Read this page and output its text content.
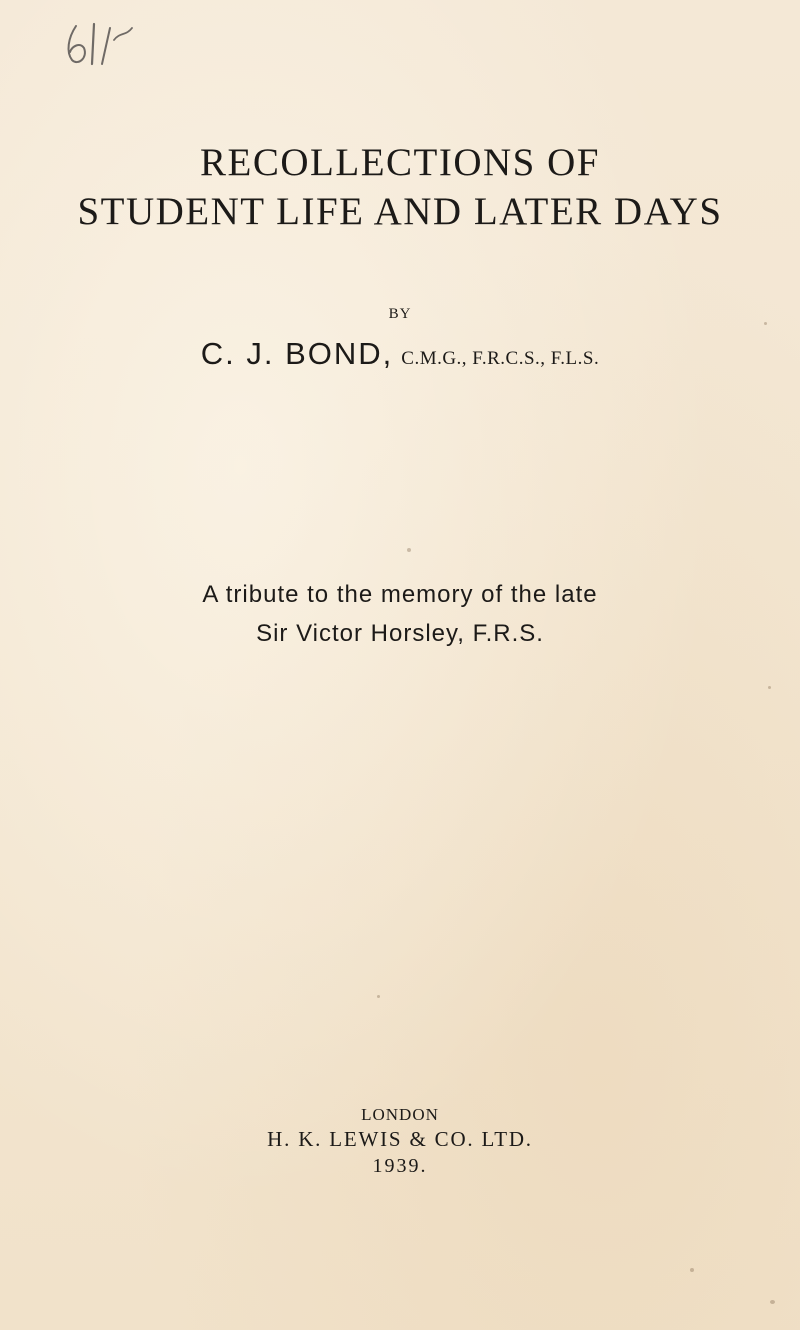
RECOLLECTIONS OF
STUDENT LIFE AND LATER DAYS
BY
C. J. BOND, C.M.G., F.R.C.S., F.L.S.
A tribute to the memory of the late
Sir Victor Horsley, F.R.S.
LONDON
H. K. LEWIS & CO. LTD.
1939.
